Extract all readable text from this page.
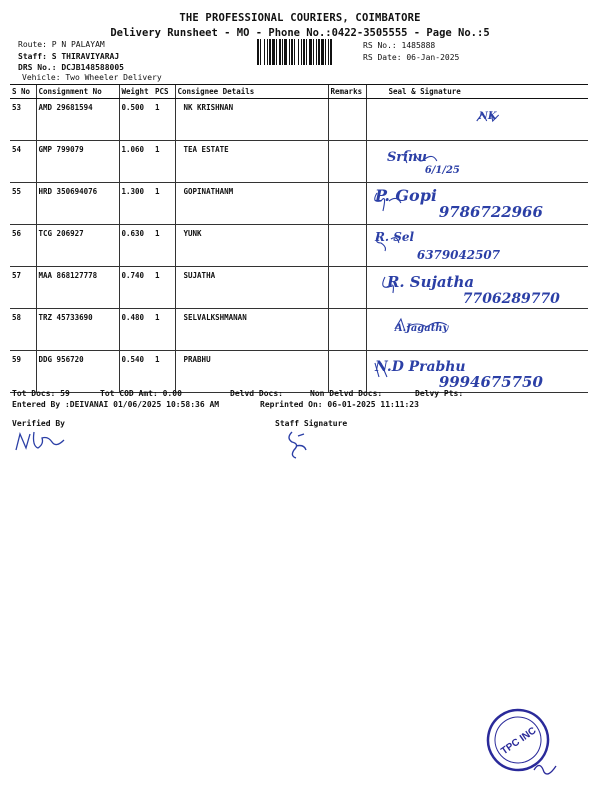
THE PROFESSIONAL COURIERS, COIMBATORE
Delivery Runsheet - MO - Phone No.:0422-3505555 - Page No.:5
Route: P N PALAYAM
Staff: S THIRAVIYARAJ
DRS No.: DCJB148588005
Vehicle: Two Wheeler Delivery
RS No.: 1485888
RS Date: 06-Jan-2025
S No	Consignment No	Weight	PCS	Consignee Details	Remarks	Seal & Signature
53	AMD 29681594	0.500	1	NK KRISHNAN		NK

54	GMP 799079	1.060	1	TEA ESTATE		Srinu
6/1/25

55	HRD 350694076	1.300	1	GOPINATHANM		P. Gopi
9786722966

56	TCG 206927	0.630	1	YUNK		R. Sel
6379042507

57	MAA 868127778	0.740	1	SUJATHA		R. Sujatha
7706289770

58	TRZ 45733690	0.480	1	SELVALKSHMANAN		A.Jagathy

59	DDG 956720	0.540	1	PRABHU		N.D Prabhu
9994675750
Tot Docs: 59	Tot COD Amt: 0.00	Delvd Docs:	Non Delvd Docs:	Delvy Pts:
Entered By :DEIVANAI 01/06/2025 10:58:36 AM	Reprinted On: 06-01-2025 11:11:23
Verified By	Staff Signature
TPC INC
